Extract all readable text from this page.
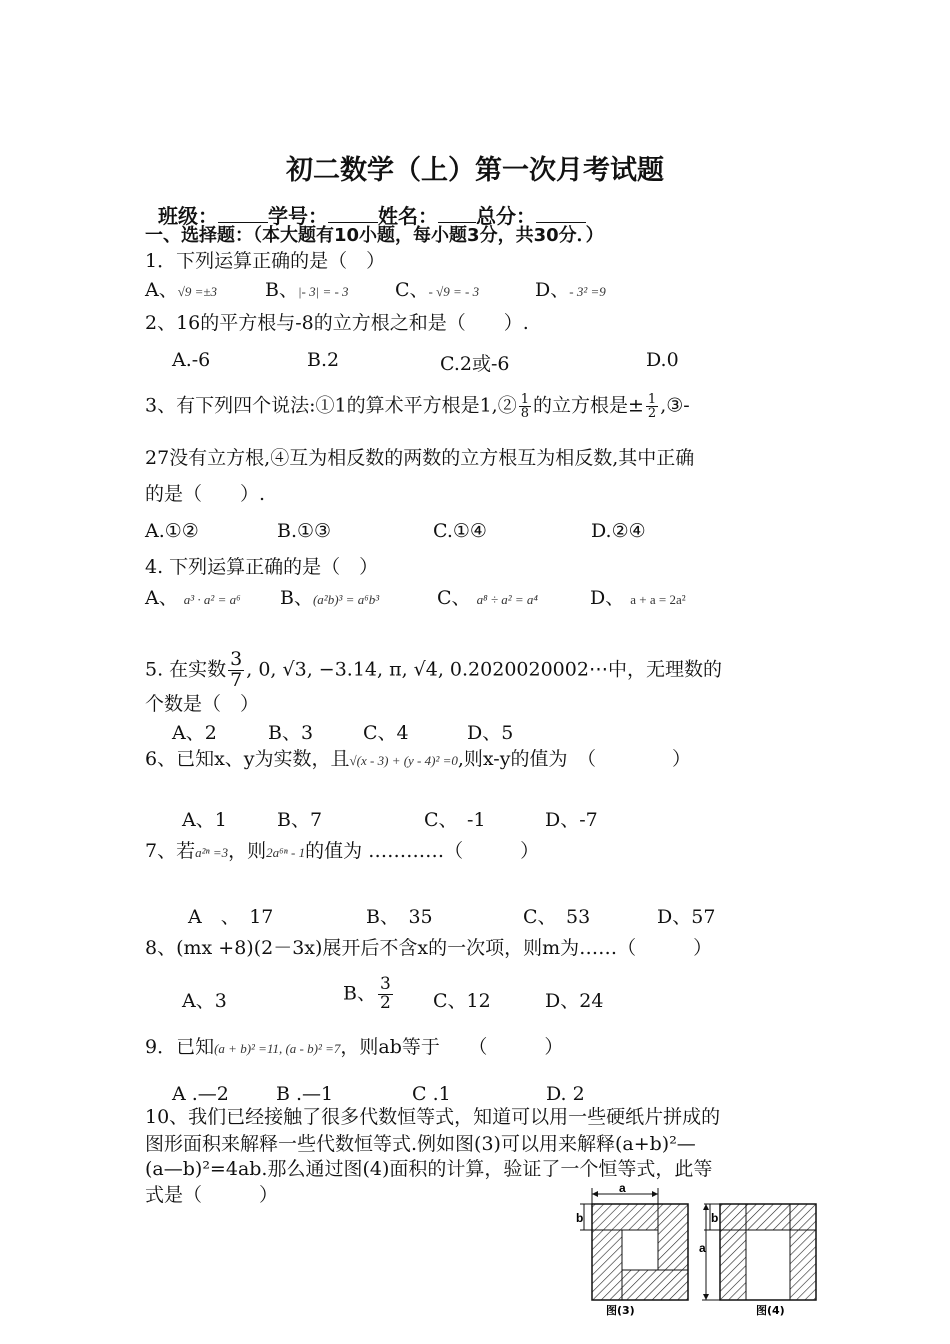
初二数学（上）第一次月考试题
班级：	学号：	姓名： 总分：
一、选择题：（本大题有10小题，每小题3分，共30分．）
1．下列运算正确的是（　）
A、√9 =±3	B、|- 3| = - 3 C、- √9 = - 3	D、- 3² =9
2、16的平方根与-8的立方根之和是（　　）.
A.-6	B.2	C.2或-6	D.0
3、有下列四个说法:①1的算术平方根是1,② $\frac{1}{8}$ 的立方根是± $\frac{1}{2}$ ,③-
27没有立方根,④互为相反数的两数的立方根互为相反数,其中正确
的是（　　）.
A.①②	B.①③	C.①④	D.②④
4. 下列运算正确的是（　）
A、 a³ · a² = a⁶ B、(a²b)³ = a⁶b³	C、 a⁸ ÷ a² = a⁴	D、 a + a = 2a²
5. 在实数 $\frac{3}{7}$ , 0, √3, −3.14, π, √4, 0.2020020002⋯中，无理数的
个数是（　）
A、2	B、3	C、4	D、5
6、已知x、y为实数，且√(x - 3) + (y - 4)² =0,则x-y的值为　（　　　　）
A、1	B、7	C、　-1	D、-7
7、若a²ⁿ =3，则2a⁶ⁿ - 1的值为 …………（　　　）
A　、　17	B、　35	C、　53	D、57
8、(mx +8)(2－3x)展开后不含x的一次项，则m为……（　　　）
A、3	B、 $\frac{3}{2}$ C、12	D、24
9．已知(a + b)² =11, (a - b)² =7，则ab等于　　（　　　）
A .—2 B .—1	C .1	D. 2
10、我们已经接触了很多代数恒等式，知道可以用一些硬纸片拼成的
图形面积来解释一些代数恒等式.例如图(3)可以用来解释(a+b)²—
(a—b)²=4ab.那么通过图(4)面积的计算，验证了一个恒等式，此等
式是（　　　）	a
b
图(3)
b
a
图(4)
